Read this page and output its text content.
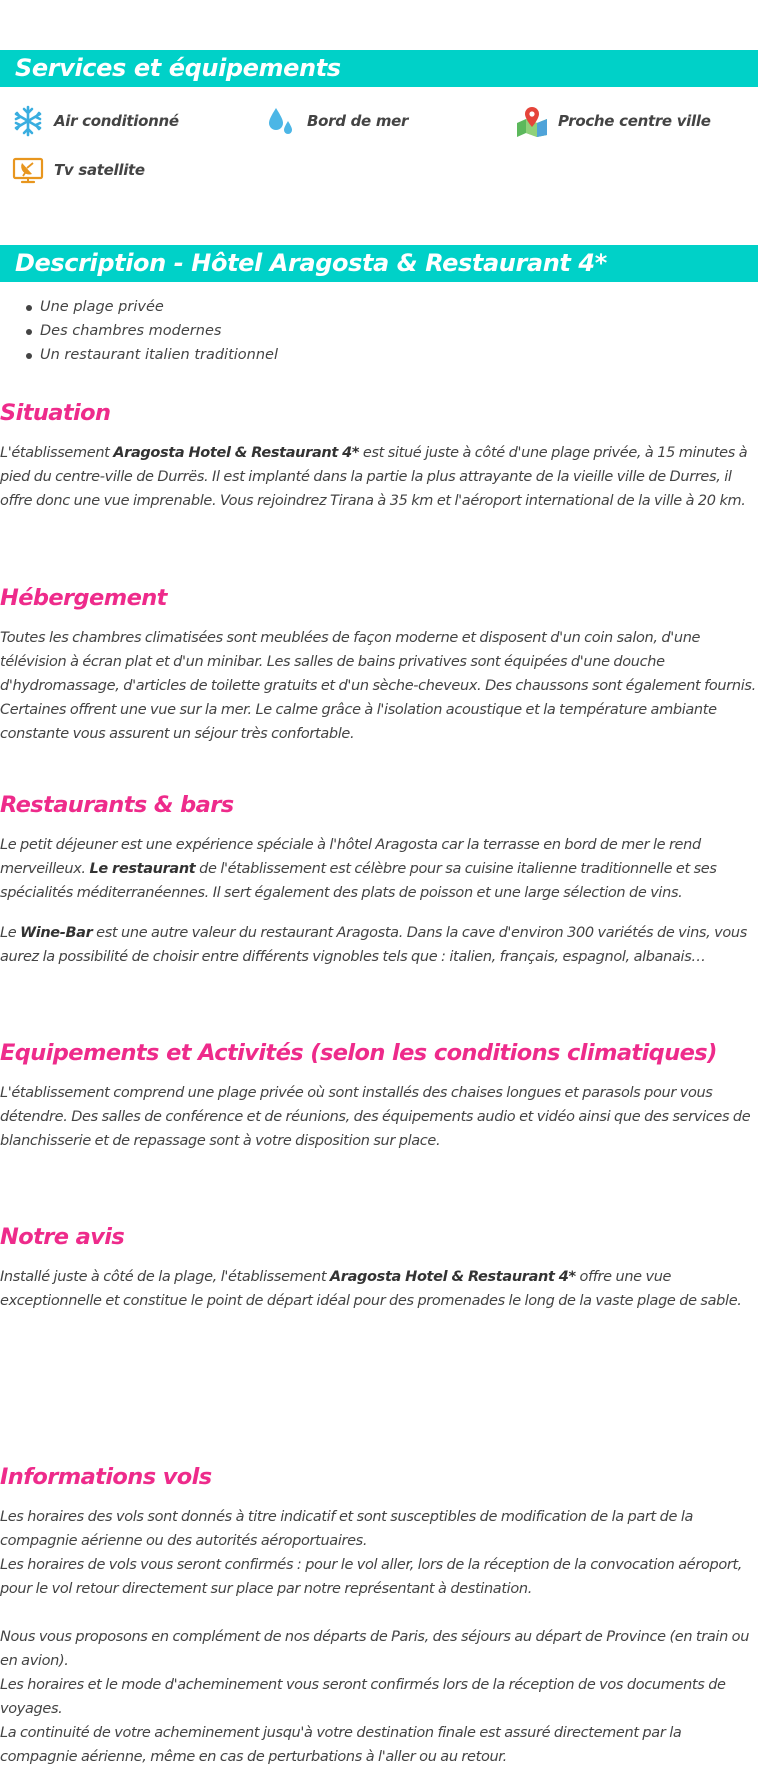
Services et équipements
Air conditionné	Bord de mer	Proche centre ville
Tv satellite
Description - Hôtel Aragosta & Restaurant 4*
Une plage privée
Des chambres modernes
Un restaurant italien traditionnel
Situation

L'établissement Aragosta Hotel & Restaurant 4* est situé juste à côté d'une plage privée, à 15 minutes à pied du centre-ville de Durrës. Il est implanté dans la partie la plus attrayante de la vieille ville de Durres, il offre donc une vue imprenable. Vous rejoindrez Tirana à 35 km et l'aéroport international de la ville à 20 km.

Hébergement

Toutes les chambres climatisées sont meublées de façon moderne et disposent d'un coin salon, d'une télévision à écran plat et d'un minibar. Les salles de bains privatives sont équipées d'une douche d'hydromassage, d'articles de toilette gratuits et d'un sèche-cheveux. Des chaussons sont également fournis. Certaines offrent une vue sur la mer. Le calme grâce à l'isolation acoustique et la température ambiante constante vous assurent un séjour très confortable.

Restaurants & bars

Le petit déjeuner est une expérience spéciale à l'hôtel Aragosta car la terrasse en bord de mer le rend merveilleux. Le restaurant de l'établissement est célèbre pour sa cuisine italienne traditionnelle et ses spécialités méditerranéennes. Il sert également des plats de poisson et une large sélection de vins.

Le Wine-Bar est une autre valeur du restaurant Aragosta. Dans la cave d'environ 300 variétés de vins, vous aurez la possibilité de choisir entre différents vignobles tels que : italien, français, espagnol, albanais…

Equipements et Activités (selon les conditions climatiques)

L'établissement comprend une plage privée où sont installés des chaises longues et parasols pour vous détendre. Des salles de conférence et de réunions, des équipements audio et vidéo ainsi que des services de blanchisserie et de repassage sont à votre disposition sur place.

Notre avis

Installé juste à côté de la plage, l'établissement Aragosta Hotel & Restaurant 4* offre une vue exceptionnelle et constitue le point de départ idéal pour des promenades le long de la vaste plage de sable.

Informations vols

Les horaires des vols sont donnés à titre indicatif et sont susceptibles de modification de la part de la compagnie aérienne ou des autorités aéroportuaires.
Les horaires de vols vous seront confirmés : pour le vol aller, lors de la réception de la convocation aéroport, pour le vol retour directement sur place par notre représentant à destination.

Nous vous proposons en complément de nos départs de Paris, des séjours au départ de Province (en train ou en avion).
Les horaires et le mode d'acheminement vous seront confirmés lors de la réception de vos documents de voyages.
La continuité de votre acheminement jusqu'à votre destination finale est assuré directement par la compagnie aérienne, même en cas de perturbations à l'aller ou au retour.
